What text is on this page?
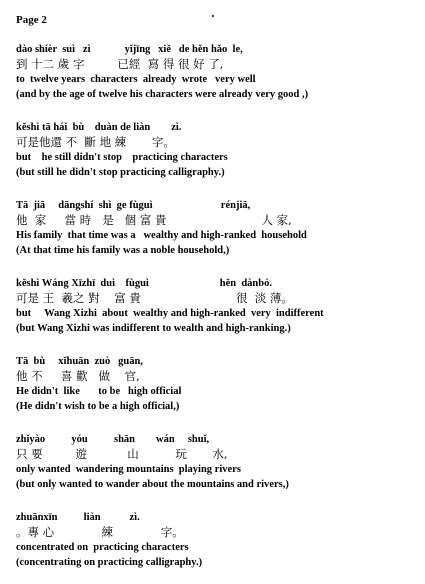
Page 2
dào shíèr  suì   zì             yǐjīng   xiě   de hěn hǎo  le,
到 十二 歲 字         已經  寫 得 很 好 了,
to  twelve years  characters  already  wrote   very well
(and by the age of twelve his characters were already very good ,)
kěshì tā hái  bù    duàn de liàn        zì.
可是他還 不  斷 地 練       字。
but    he still didn't stop    practicing characters
(but still he didn't stop practicing calligraphy.)
Tā  jiā     dāngshí  shì  ge fùguì                          rénjiā,
他  家     當 時   是   個 富 貴                          人 家,
His family  that time was a   wealthy and high-ranked  household
(At that time his family was a noble household,)
kěshì Wáng Xīzhī  duì    fùguì                           hěn  dànbó.
可是 王  羲之 對    富 貴                          很  淡 薄。
but     Wang Xizhi  about  wealthy and high-ranked  very  indifferent
(but Wang Xizhi was indifferent to wealth and high-ranking.)
Tā  bù     xǐhuān  zuò   guān,
他 不     喜 歡   做    官,
He didn't  like       to be   high official
(He didn't wish to be a high official,)
zhǐyào          yóu          shān        wán     shuǐ,
只 要         遊           山          玩       水,
only wanted  wandering mountains  playing rivers
(but only wanted to wander about the mountains and rivers,)
zhuānxīn          liàn           zì.
。專 心             練             字。
concentrated on  practicing characters
(concentrating on practicing calligraphy.)
